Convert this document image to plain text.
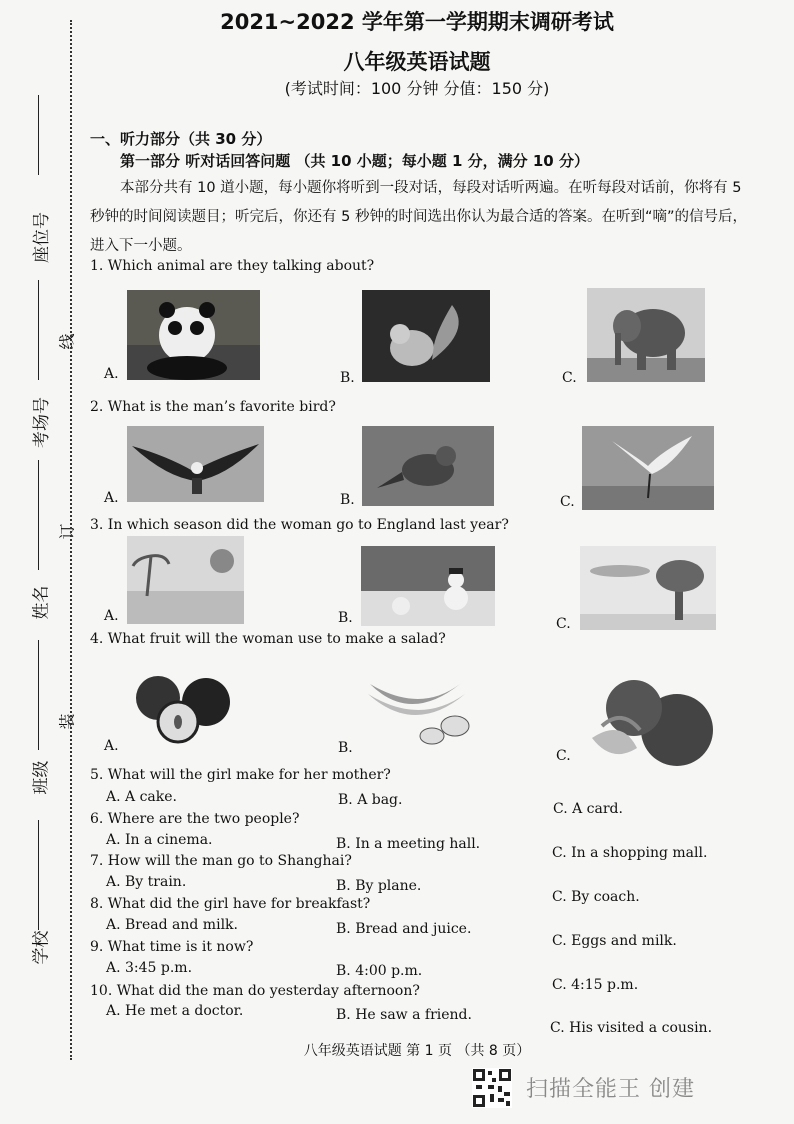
座位号
线
考场号
订
姓名
装
班级
学校
2021~2022 学年第一学期期末调研考试
八年级英语试题
(考试时间：100 分钟 分值：150 分)
一、听力部分（共 30 分）
第一部分 听对话回答问题 （共 10 小题；每小题 1 分，满分 10 分）
本部分共有 10 道小题，每小题你将听到一段对话，每段对话听两遍。在听每段对话前，你将有 5 秒钟的时间阅读题目；听完后，你还有 5 秒钟的时间选出你认为最合适的答案。在听到“嘀”的信号后，进入下一小题。
1. Which animal are they talking about?
A.	B.	C.
2. What is the man’s favorite bird?
A.	B.	C.
3. In which season did the woman go to England last year?
A.	B.	C.
4. What fruit will the woman use to make a salad?
A.	B.	C.
5. What will the girl make for her mother?
A. A cake.	B. A bag.
C. A card.
6. Where are the two people?
A. In a cinema.	B. In a meeting hall.
C. In a shopping mall.
7. How will the man go to Shanghai?
A. By train.	B. By plane.
C. By coach.
8. What did the girl have for breakfast?
A. Bread and milk.	B. Bread and juice.
C. Eggs and milk.
9. What time is it now?
A. 3:45 p.m.	B. 4:00 p.m.
C. 4:15 p.m.
10. What did the man do yesterday afternoon?
A. He met a doctor.	B. He saw a friend.
C. His visited a cousin.
八年级英语试题 第 1 页 （共 8 页）
扫描全能王 创建
